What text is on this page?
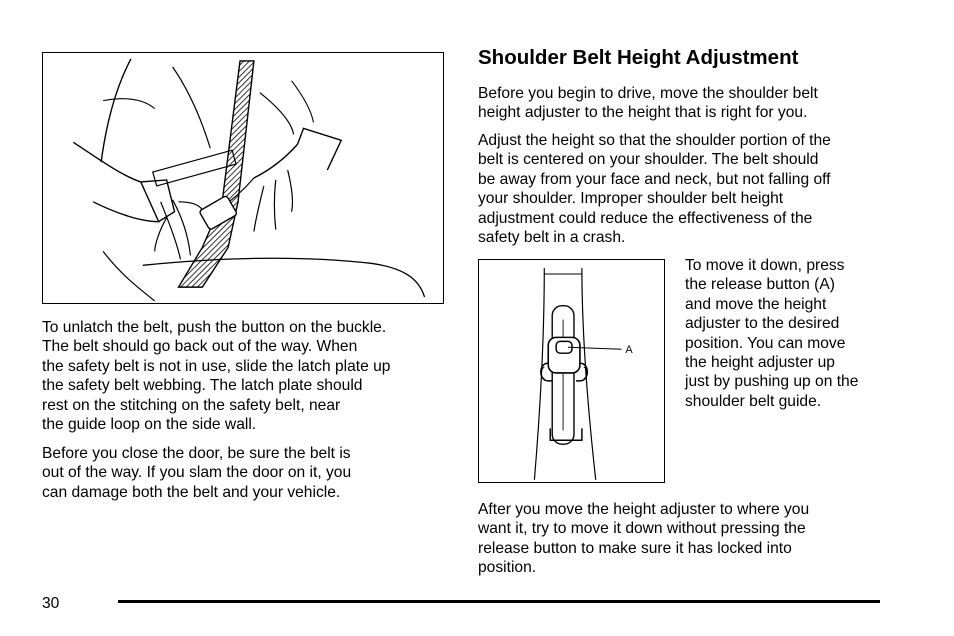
To unlatch the belt, push the button on the buckle.
The belt should go back out of the way. When
the safety belt is not in use, slide the latch plate up
the safety belt webbing. The latch plate should
rest on the stitching on the safety belt, near
the guide loop on the side wall.

Before you close the door, be sure the belt is
out of the way. If you slam the door on it, you
can damage both the belt and your vehicle.

Shoulder Belt Height Adjustment

Before you begin to drive, move the shoulder belt
height adjuster to the height that is right for you.

Adjust the height so that the shoulder portion of the
belt is centered on your shoulder. The belt should
be away from your face and neck, but not falling off
your shoulder. Improper shoulder belt height
adjustment could reduce the effectiveness of the
safety belt in a crash.

A

To move it down, press
the release button (A)
and move the height
adjuster to the desired
position. You can move
the height adjuster up
just by pushing up on the
shoulder belt guide.

After you move the height adjuster to where you
want it, try to move it down without pressing the
release button to make sure it has locked into
position.

30
